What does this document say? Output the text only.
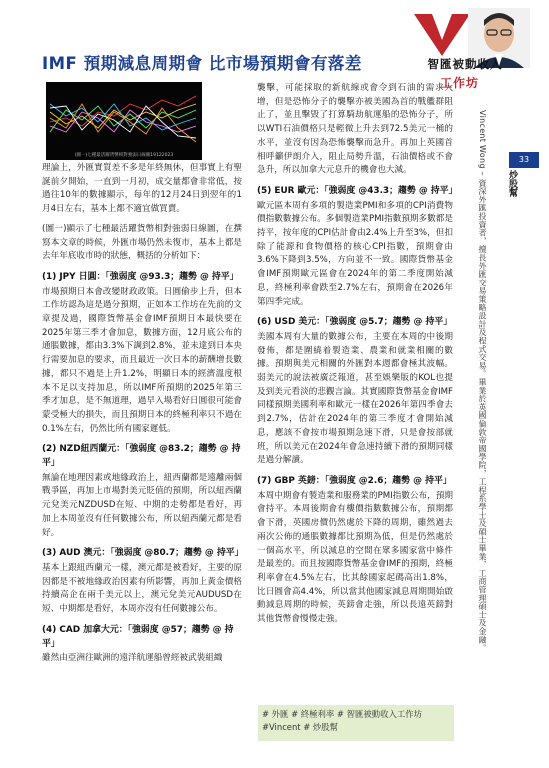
智匯被動收入
工作坊
IMF 預期減息周期會 比市場預期會有落差
(圖一)七種最活躍貨幣相對強弱日線圖19122023

理論上，外匯實質差不多是年終無休，但事實上有聖誕前夕開始，一直到一月初，成交量都會非常低，按過往10年的數據顯示，每年的12月24日到翌年的1月4日左右，基本上都不適宜做買賣。

(圖一)顯示了七種最活躍貨幣相對強弱日線圖，在撰寫本文章的時候，外匯市場仍然未復市，基本上都是去年年底收市時的狀態，概括的分析如下：

(1) JPY 日圓：「強弱度 @93.3；趨勢 @ 持平」

市場預期日本會改變財政政策。日圓偷步上升，但本工作坊認為這是過分預期，正如本工作坊在先前的文章提及過，國際貨幣基金會IMF預期日本最快要在2025年第三季才會加息，數據方面，12月底公布的通脹數據，都由3.3%下調到2.8%，並未達到日本央行需要加息的要求，而且最近一次日本的薪酬增長數據，都只不過是上升1.2%，明顯日本的經濟溫度根本不足以支持加息，所以IMF所預期的2025年第三季才加息，是不無道理，過早入場看好日圓很可能會蒙受極大的損失，而且預期日本的終極利率只不過在0.1%左右，仍然比所有國家遲低。

(2) NZD紐西蘭元：「強弱度 @83.2；趨勢 @ 持平」

無論在地理因素或地緣政治上，紐西蘭都是遠離兩個戰爭區，再加上市場對美元貶值的預期，所以紐西蘭元兌美元NZDUSD在短、中期的走勢都是看好，再加上本周並沒有任何數據公布，所以紐西蘭元都是看好。

(3) AUD 澳元：「強弱度 @80.7；趨勢 @ 持平」

基本上跟紐西蘭元一樣，澳元都是被看好，主要的原因都是不被地緣政治因素有所影響，再加上黃金價格持續高企在兩千美元以上，澳元兌美元AUDUSD在短、中期都是看好，本周亦沒有任何數據公布。

(4) CAD 加拿大元：「強弱度 @57；趨勢 @ 持平」

雖然由亞洲往歐洲的遠洋航運船曾經被武裝組織

襲擊，可能採取的新航線或會令到石油的需求大增，但是恐怖分子的襲擊亦被美國為首的戰艦群阻止了，並且擊毀了打算騎劫航運船的恐怖分子，所以WTI石油價格只是輕微上升去到72.5美元一桶的水平，並沒有因為恐怖襲擊而急升。再加上英國首相呼籲伊朗介入，阻止局勢升溫，石油價格或不會急升，所以加拿大元息升的機會也大減。

(5) EUR 歐元：「強弱度 @43.3；趨勢 @ 持平」

歐元區本周有多項的製造業PMI和多項的CPI消費物價指數數據公布。多個製造業PMI指數預期多數都是持平，按年度的CPI估計會由2.4%上升至3%，但扣除了能源和食物價格的核心CPI指數，預期會由3.6%下降到3.5%，方向並不一致。國際貨幣基金會IMF預期歐元區會在2024年的第二季度開始減息，終極利率會跌至2.7%左右，預期會在2026年第四季完成。

(6) USD 美元：「強弱度 @5.7；趨勢 @ 持平」

美國本周有大量的數據公布，主要在本周的中後期發佈，都是圍繞着製造業、農業和就業相關的數據。預期與美元相關的外匯對本週都會極其波幅。弱美元的說法被廣泛報道，甚至娛樂版的KOL也提及到美元看淡的悲觀言論。其實國際貨幣基金會IMF同樣預期美國利率和歐元一樣在2026年第四季會去到2.7%，估計在2024年的第三季度才會開始減息，應該不會按市場預期急速下滑，只是會按部就班，所以美元在2024年會急速持續下滑的預期同樣是過分解讀。

(7) GBP 英鎊：「強弱度 @2.6；趨勢 @ 持平」

本周中期會有製造業和服務業的PMI指數公布，預期會持平。本周後期會有樓價指數數據公布，預期都會下滑，英國房價仍然處於下降的周期，雖然過去兩次公佈的通脹數據都比預期為低，但是仍然處於一個高水平，所以減息的空間在眾多國家當中條件是最差的。而且按國際貨幣基金會IMF的預期，終極利率會在4.5%左右，比其餘國家起碼高出1.8%，比日圓會高4.4%，所以當其他國家減息周期開始啟動減息周期的時候，英鎊會走強，所以長遠英鎊對其他貨幣會慢慢走強。

# 外匯 # 終極利率 # 智匯被動收入工作坊
#Vincent # 炒股幫
33
Vincent Wong – 資深外匯投資者，擅長外匯交易策略設計及程式交易。畢業於英國倫敦帝國學院，工程系學士及碩士畢業，工商管理碩士及金融。 炒股幫
